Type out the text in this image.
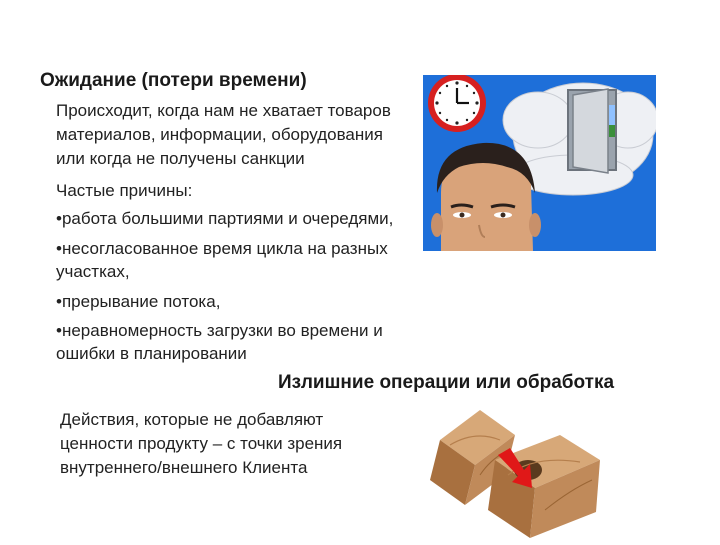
Ожидание (потери времени)
Происходит, когда нам не хватает товаров
материалов, информации, оборудования
или когда не получены санкции
Частые причины:
•работа большими партиями и очередями,
•несогласованное время цикла на разных
участках,
•прерывание потока,
•неравномерность загрузки во времени и
ошибки в планировании
Излишние операции или обработка
Действия, которые не добавляют
ценности продукту – с точки зрения
внутреннего/внешнего Клиента
